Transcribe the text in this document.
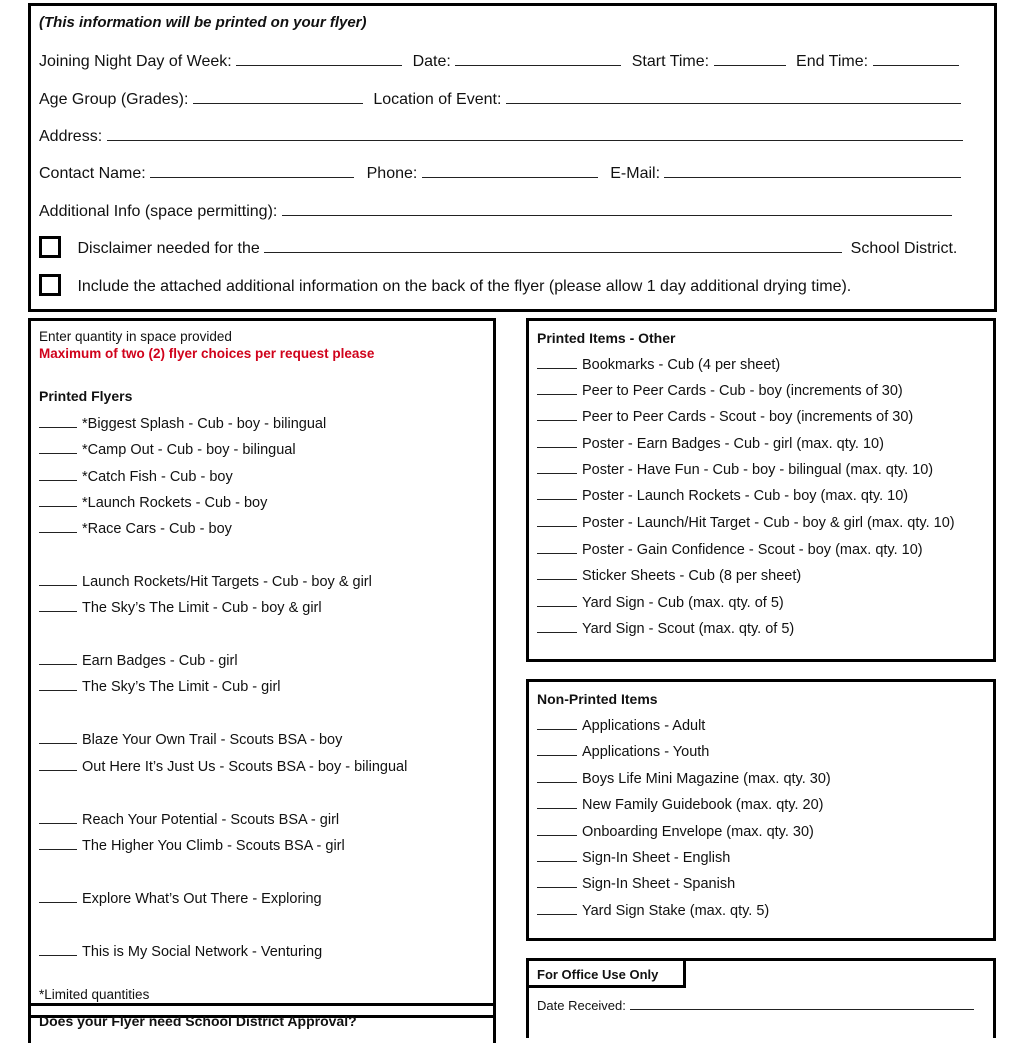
(This information will be printed on your flyer)
Joining Night Day of Week:	Date:	Start Time:	End Time:
Age Group (Grades):	Location of Event:
Address:
Contact Name:	Phone:	E-Mail:
Additional Info (space permitting):
Disclaimer needed for the	School District.
Include the attached additional information on the back of the flyer (please allow 1 day additional drying time).
Enter quantity in space provided
Maximum of two (2) flyer choices per request please
Printed Flyers
*Biggest Splash - Cub - boy - bilingual
*Camp Out - Cub - boy - bilingual
*Catch Fish - Cub - boy
*Launch Rockets - Cub - boy
*Race Cars - Cub - boy
Launch Rockets/Hit Targets - Cub - boy & girl
The Sky’s The Limit - Cub - boy & girl
Earn Badges - Cub - girl
The Sky’s The Limit - Cub - girl
Blaze Your Own Trail - Scouts BSA - boy
Out Here It’s Just Us - Scouts BSA - boy - bilingual
Reach Your Potential - Scouts BSA - girl
The Higher You Climb - Scouts BSA - girl
Explore What’s Out There - Exploring
This is My Social Network - Venturing
*Limited quantities
Does your Flyer need School District Approval?
Printed Items - Other
Bookmarks - Cub (4 per sheet)
Peer to Peer Cards - Cub - boy (increments of 30)
Peer to Peer Cards - Scout - boy (increments of 30)
Poster - Earn Badges - Cub - girl (max. qty. 10)
Poster - Have Fun - Cub - boy - bilingual (max. qty. 10)
Poster - Launch Rockets - Cub - boy (max. qty. 10)
Poster - Launch/Hit Target - Cub - boy & girl (max. qty. 10)
Poster - Gain Confidence - Scout - boy (max. qty. 10)
Sticker Sheets - Cub (8 per sheet)
Yard Sign - Cub (max. qty. of 5)
Yard Sign - Scout (max. qty. of 5)
Non-Printed Items
Applications - Adult
Applications - Youth
Boys Life Mini Magazine (max. qty. 30)
New Family Guidebook (max. qty. 20)
Onboarding Envelope (max. qty. 30)
Sign-In Sheet - English
Sign-In Sheet - Spanish
Yard Sign Stake (max. qty. 5)
For Office Use Only
Date Received:
